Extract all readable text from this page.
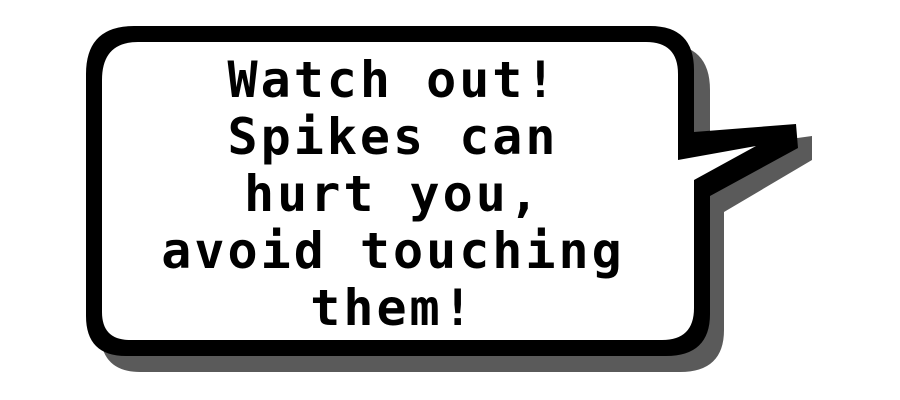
Watch out!
Spikes can
hurt you,
avoid touching
them!
